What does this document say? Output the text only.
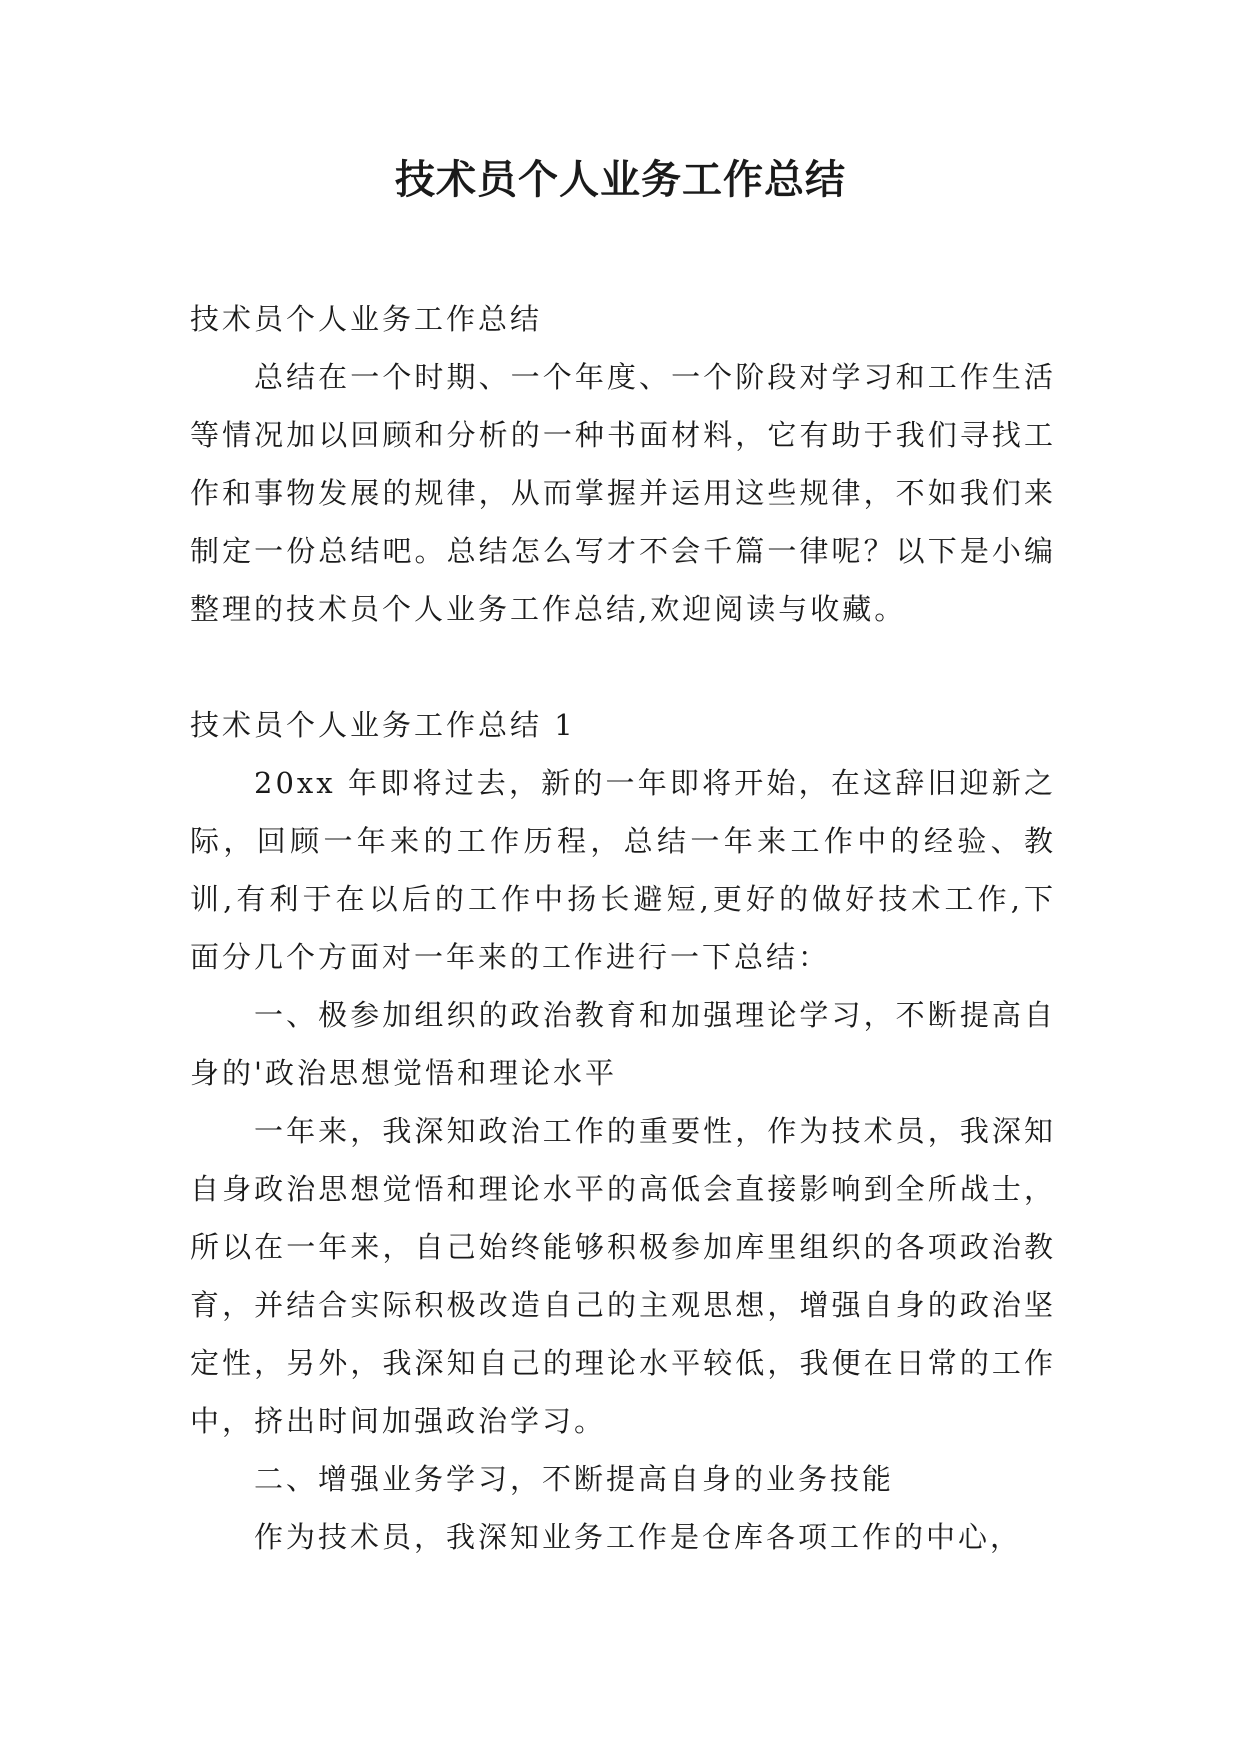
技术员个人业务工作总结

技术员个人业务工作总结

总结在一个时期、一个年度、一个阶段对学习和工作生活等情况加以回顾和分析的一种书面材料，它有助于我们寻找工作和事物发展的规律，从而掌握并运用这些规律，不如我们来制定一份总结吧。总结怎么写才不会千篇一律呢？以下是小编整理的技术员个人业务工作总结,欢迎阅读与收藏。

技术员个人业务工作总结 1

20xx 年即将过去，新的一年即将开始，在这辞旧迎新之际，回顾一年来的工作历程，总结一年来工作中的经验、教训,有利于在以后的工作中扬长避短,更好的做好技术工作,下面分几个方面对一年来的工作进行一下总结：

一、极参加组织的政治教育和加强理论学习，不断提高自身的'政治思想觉悟和理论水平

一年来，我深知政治工作的重要性，作为技术员，我深知自身政治思想觉悟和理论水平的高低会直接影响到全所战士，所以在一年来，自己始终能够积极参加库里组织的各项政治教育，并结合实际积极改造自己的主观思想，增强自身的政治坚定性，另外，我深知自己的理论水平较低，我便在日常的工作中，挤出时间加强政治学习。

二、增强业务学习，不断提高自身的业务技能

作为技术员，我深知业务工作是仓库各项工作的中心，
